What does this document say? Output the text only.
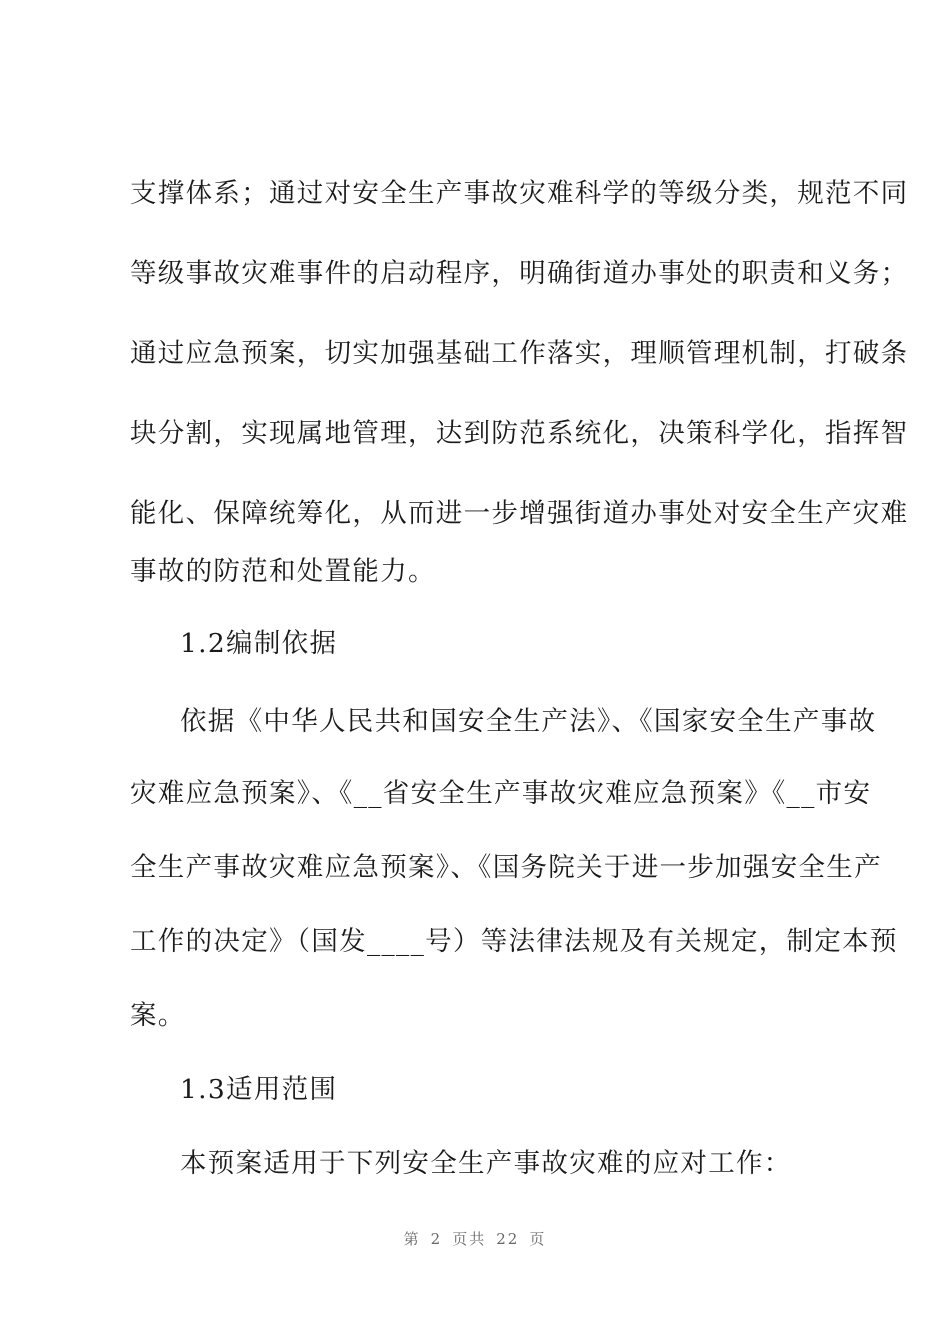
支撑体系；通过对安全生产事故灾难科学的等级分类，规范不同
等级事故灾难事件的启动程序，明确街道办事处的职责和义务；
通过应急预案，切实加强基础工作落实，理顺管理机制，打破条
块分割，实现属地管理，达到防范系统化，决策科学化，指挥智
能化、保障统筹化，从而进一步增强街道办事处对安全生产灾难
事故的防范和处置能力。
1.2编制依据
依据《中华人民共和国安全生产法》、《国家安全生产事故
灾难应急预案》、《__省安全生产事故灾难应急预案》《__市安
全生产事故灾难应急预案》、《国务院关于进一步加强安全生产
工作的决定》（国发____号）等法律法规及有关规定，制定本预
案。
1.3适用范围
本预案适用于下列安全生产事故灾难的应对工作：
第 2 页共 22 页
